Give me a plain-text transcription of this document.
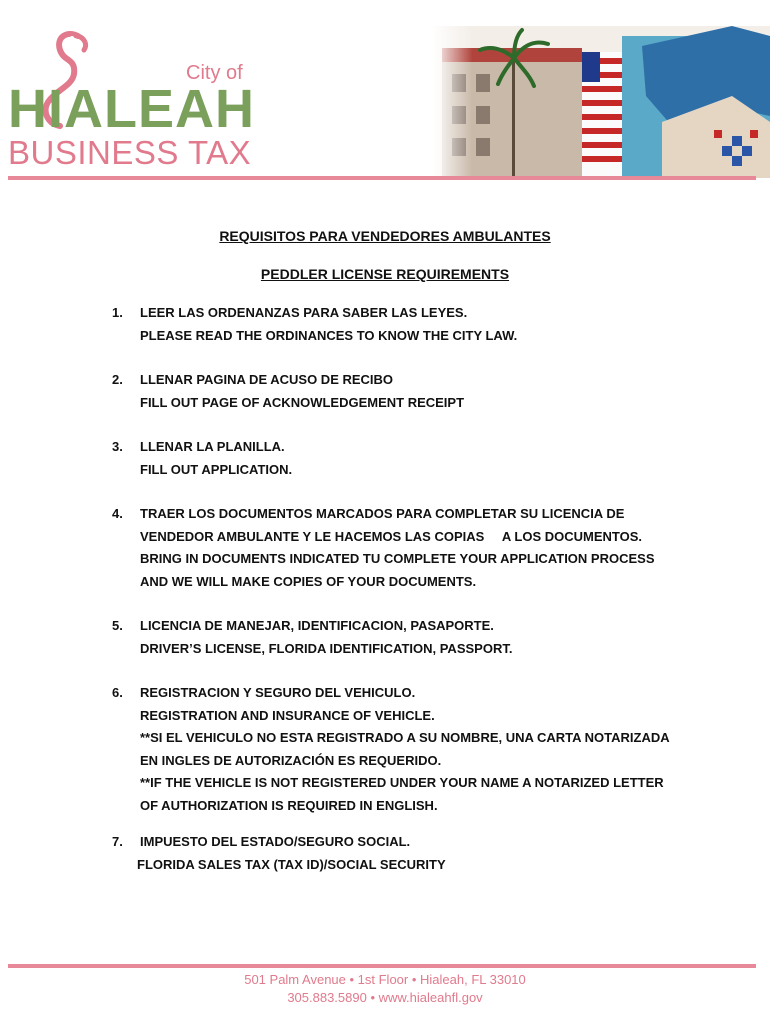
City of
HIALEAH
BUSINESS TAX
REQUISITOS PARA VENDEDORES AMBULANTES
PEDDLER LICENSE REQUIREMENTS
1. LEER LAS ORDENANZAS PARA SABER LAS LEYES.
PLEASE READ THE ORDINANCES TO KNOW THE CITY LAW.
2. LLENAR PAGINA DE ACUSO DE RECIBO
FILL OUT PAGE OF ACKNOWLEDGEMENT RECEIPT
3. LLENAR LA PLANILLA.
FILL OUT APPLICATION.
4. TRAER LOS DOCUMENTOS MARCADOS PARA COMPLETAR SU LICENCIA DE
VENDEDOR AMBULANTE Y LE HACEMOS LAS COPIAS     A LOS DOCUMENTOS.
BRING IN DOCUMENTS INDICATED TU COMPLETE YOUR APPLICATION PROCESS
AND WE WILL MAKE COPIES OF YOUR DOCUMENTS.
5. LICENCIA DE MANEJAR, IDENTIFICACION, PASAPORTE.
DRIVER’S LICENSE, FLORIDA IDENTIFICATION, PASSPORT.
6. REGISTRACION Y SEGURO DEL VEHICULO.
REGISTRATION AND INSURANCE OF VEHICLE.
**SI EL VEHICULO NO ESTA REGISTRADO A SU NOMBRE, UNA CARTA NOTARIZADA
EN INGLES DE AUTORIZACIÓN ES REQUERIDO.
**IF THE VEHICLE IS NOT REGISTERED UNDER YOUR NAME A NOTARIZED LETTER
OF AUTHORIZATION IS REQUIRED IN ENGLISH.
7. IMPUESTO DEL ESTADO/SEGURO SOCIAL.
FLORIDA SALES TAX (TAX ID)/SOCIAL SECURITY
501 Palm Avenue • 1st Floor • Hialeah, FL 33010
305.883.5890 • www.hialeahfl.gov
